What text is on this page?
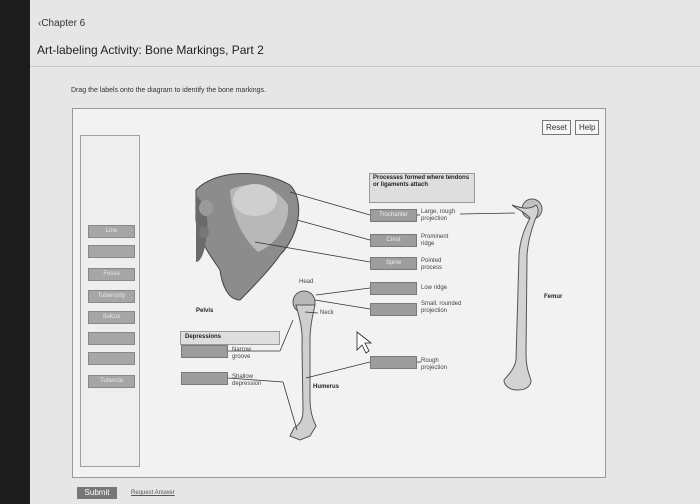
‹Chapter 6
Art-labeling Activity: Bone Markings, Part 2
Drag the labels onto the diagram to identify the bone markings.
Reset	Help
Line
Fossa
Tuberosity
Sulcus
Tubercle
Processes formed where tendons or ligaments attach
Trochanter	Large, rough projection
Crest	Prominent ridge
Spine	Pointed process
Low ridge
Small, rounded projection
Rough projection
Depressions
Narrow groove
Shallow depression
Pelvis
Humerus
Femur
Head
Neck
Submit	Request Answer
